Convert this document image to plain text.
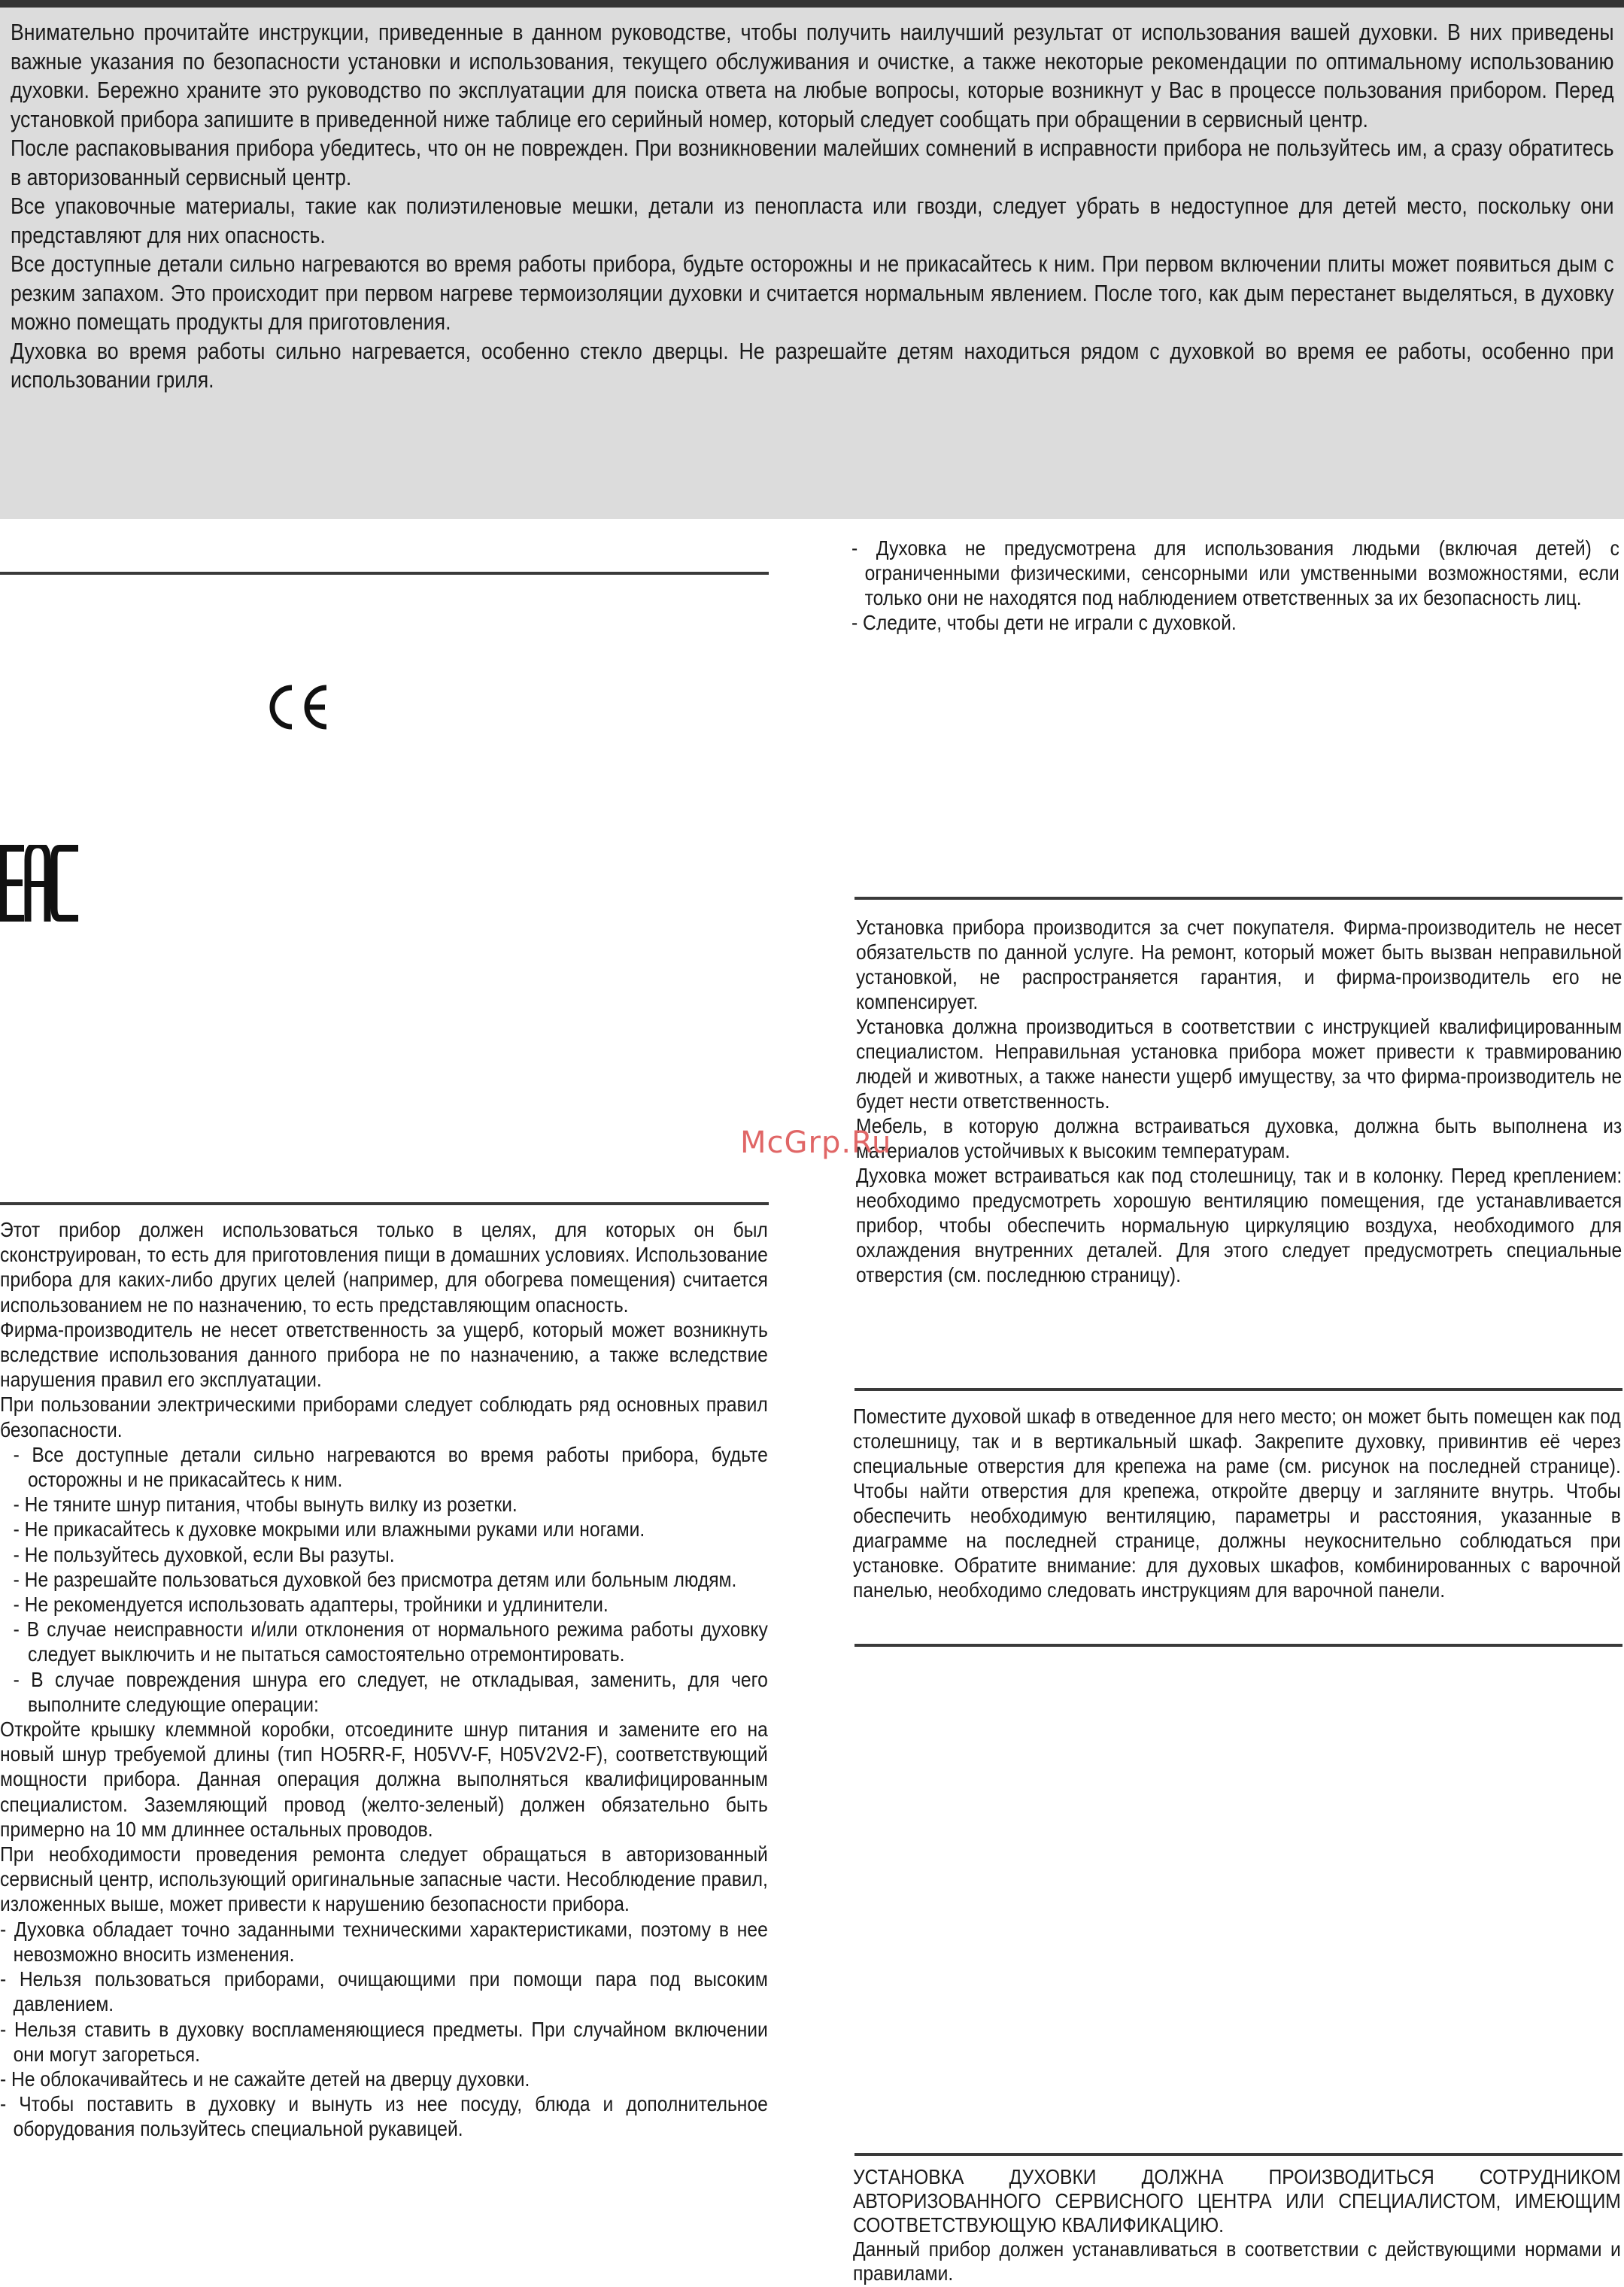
Внимательно прочитайте инструкции, приведенные в данном руководстве, чтобы получить наилучший результат от использования вашей духовки. В них приведены важные указания по безопасности установки и использования, текущего обслуживания и очистке, а также некоторые рекомендации по оптимальному использованию духовки. Бережно храните это руководство по эксплуатации для поиска ответа на любые вопросы, которые возникнут у Вас в процессе пользования прибором. Перед установкой прибора запишите в приведенной ниже таблице его серийный номер, который следует сообщать при обращении в сервисный центр.

После распаковывания прибора убедитесь, что он не поврежден. При возникновении малейших сомнений в исправности прибора не пользуйтесь им, а сразу обратитесь в авторизованный сервисный центр.

Все упаковочные материалы, такие как полиэтиленовые мешки, детали из пенопласта или гвозди, следует убрать в недоступное для детей место, поскольку они представляют для них опасность.

Все доступные детали сильно нагреваются во время работы прибора, будьте осторожны и не прикасайтесь к ним. При первом включении плиты может появиться дым с резким запахом. Это происходит при первом нагреве термоизоляции духовки и считается нормальным явлением. После того, как дым перестанет выделяться, в духовку можно помещать продукты для приготовления.

Духовка во время работы сильно нагревается, особенно стекло дверцы. Не разрешайте детям находиться рядом с духовкой во время ее работы, особенно при использовании гриля.

- Духовка не предусмотрена для использования людьми (включая детей) с ограниченными физическими, сенсорными или умственными возможностями, если только они не находятся под наблюдением ответственных за их безопасность лиц.
- Следите, чтобы дети не играли с духовкой.

Установка прибора производится за счет покупателя. Фирма-производитель не несет обязательств по данной услуге. На ремонт, который может быть вызван неправильной установкой, не распространяется гарантия, и фирма-производитель его не компенсирует.

Установка должна производиться в соответствии с инструкцией квалифицированным специалистом. Неправильная установка прибора может привести к травмированию людей и животных, а также нанести ущерб имуществу, за что фирма-производитель не будет нести ответственность.

Мебель, в которую должна встраиваться духовка, должна быть выполнена из материалов устойчивых к высоким температурам.

Духовка может встраиваться как под столешницу, так и в колонку. Перед креплением: необходимо предусмотреть хорошую вентиляцию помещения, где устанавливается прибор, чтобы обеспечить нормальную циркуляцию воздуха, необходимого для охлаждения внутренних деталей. Для этого следует предусмотреть специальные отверстия (см. последнюю страницу).

Поместите духовой шкаф в отведенное для него место; он может быть помещен как под столешницу, так и в вертикальный шкаф. Закрепите духовку, привинтив её через специальные отверстия для крепежа на раме (см. рисунок на последней странице). Чтобы найти отверстия для крепежа, откройте дверцу и загляните внутрь. Чтобы обеспечить необходимую вентиляцию, параметры и расстояния, указанные в диаграмме на последней странице, должны неукоснительно соблюдаться при установке. Обратите внимание: для духовых шкафов, комбинированных с варочной панелью, необходимо следовать инструкциям для варочной панели.

McGrp.Ru

Этот прибор должен использоваться только в целях, для которых он был сконструирован, то есть для приготовления пищи в домашних условиях. Использование прибора для каких-либо других целей (например, для обогрева помещения) считается использованием не по назначению, то есть представляющим опасность.

Фирма-производитель не несет ответственность за ущерб, который может возникнуть вследствие использования данного прибора не по назначению, а также вследствие нарушения правил его эксплуатации.

При пользовании электрическими приборами следует соблюдать ряд основных правил безопасности.

- Все доступные детали сильно нагреваются во время работы прибора, будьте осторожны и не прикасайтесь к ним.
- Не тяните шнур питания, чтобы вынуть вилку из розетки.
- Не прикасайтесь к духовке мокрыми или влажными руками или ногами.
- Не пользуйтесь духовкой, если Вы разуты.
- Не разрешайте пользоваться духовкой без присмотра детям или больным людям.
- Не рекомендуется использовать адаптеры, тройники и удлинители.
- В случае неисправности и/или отклонения от нормального режима работы духовку следует выключить и не пытаться самостоятельно отремонтировать.
- В случае повреждения шнура его следует, не откладывая, заменить, для чего выполните следующие операции:

Откройте крышку клеммной коробки, отсоедините шнур питания и замените его на новый шнур требуемой длины (тип HO5RR-F, H05VV-F, H05V2V2-F), соответствующий мощности прибора. Данная операция должна выполняться квалифицированным специалистом. Заземляющий провод (желто-зеленый) должен обязательно быть примерно на 10 мм длиннее остальных проводов.

При необходимости проведения ремонта следует обращаться в авторизованный сервисный центр, использующий оригинальные запасные части. Несоблюдение правил, изложенных выше, может привести к нарушению безопасности прибора.

- Духовка обладает точно заданными техническими характеристиками, поэтому в нее невозможно вносить изменения.
- Нельзя пользоваться приборами, очищающими при помощи пара под высоким давлением.
- Нельзя ставить в духовку воспламеняющиеся предметы. При случайном включении они могут загореться.
- Не облокачивайтесь и не сажайте детей на дверцу духовки.
- Чтобы поставить в духовку и вынуть из нее посуду, блюда и дополнительное оборудования пользуйтесь специальной рукавицей.

УСТАНОВКА ДУХОВКИ ДОЛЖНА ПРОИЗВОДИТЬСЯ СОТРУДНИКОМ АВТОРИЗОВАННОГО СЕРВИСНОГО ЦЕНТРА ИЛИ СПЕЦИАЛИСТОМ, ИМЕЮЩИМ СООТВЕТСТВУЮЩУЮ КВАЛИФИКАЦИЮ.

Данный прибор должен устанавливаться в соответствии с действующими нормами и правилами.
